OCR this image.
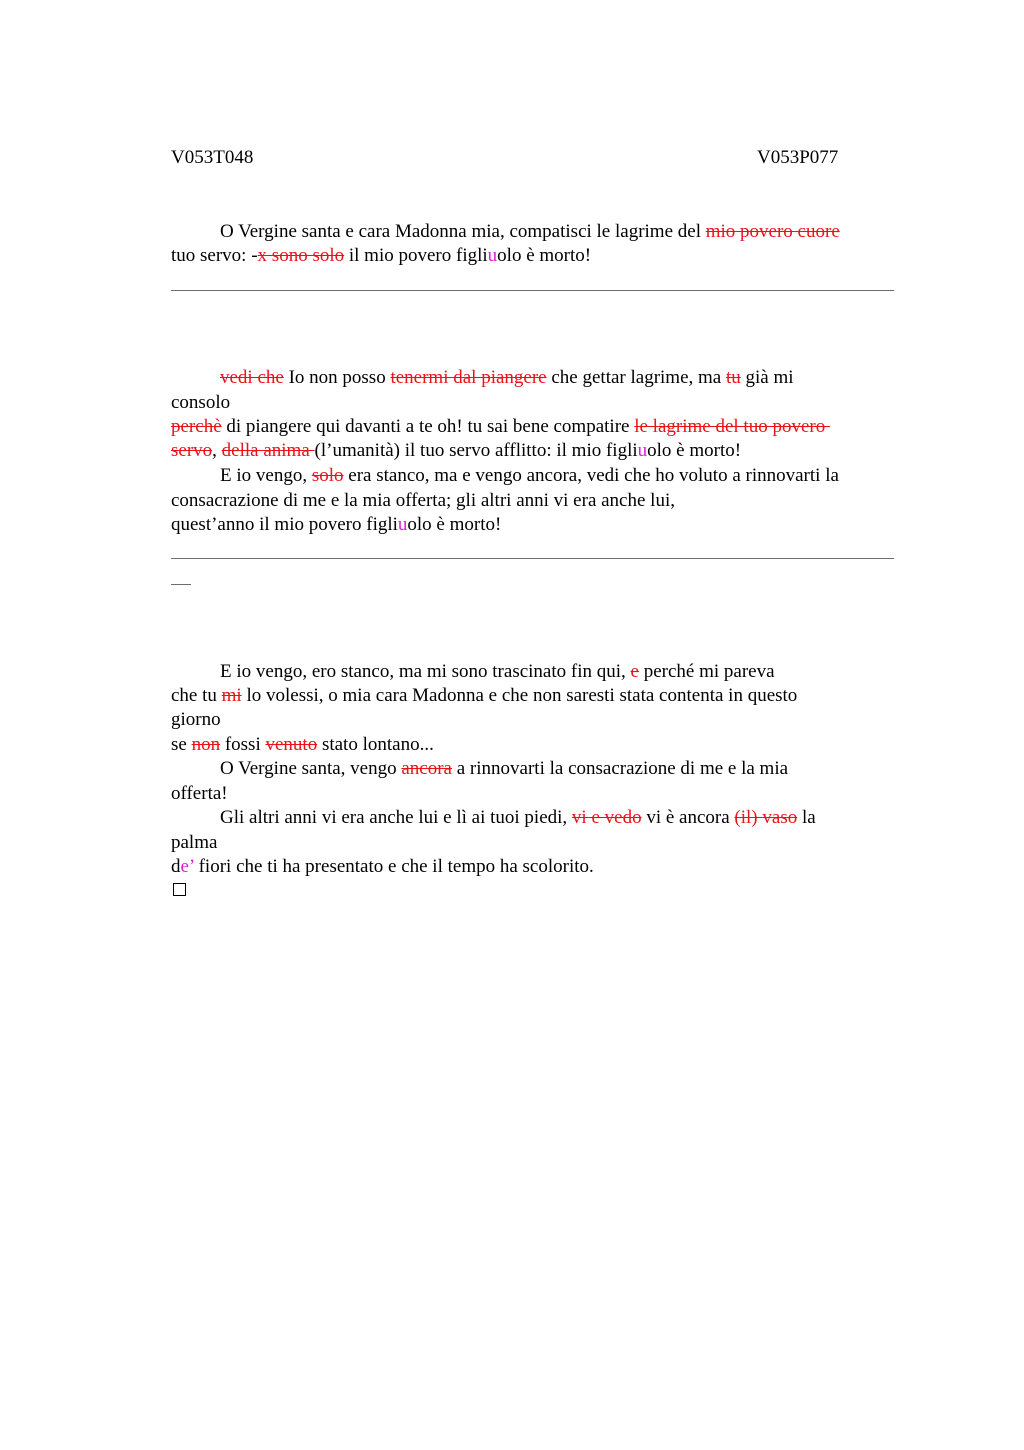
V053T048	V053P077
O Vergine santa e cara Madonna mia, compatisci le lagrime del mio povero cuore
tuo servo: -x sono solo il mio povero figliuolo è morto!
vedi che Io non posso tenermi dal piangere che gettar lagrime, ma tu già mi
consolo
perchè di piangere qui davanti a te oh! tu sai bene compatire le lagrime del tuo povero
servo, della anima (l’umanità) il tuo servo afflitto: il mio figliuolo è morto!
E io vengo, solo era stanco, ma e vengo ancora, vedi che ho voluto a rinnovarti la
consacrazione di me e la mia offerta; gli altri anni vi era anche lui,
quest’anno il mio povero figliuolo è morto!
E io vengo, ero stanco, ma mi sono trascinato fin qui, e perché mi pareva
che tu mi lo volessi, o mia cara Madonna e che non saresti stata contenta in questo
giorno
se non fossi venuto stato lontano...
O Vergine santa, vengo ancora a rinnovarti la consacrazione di me e la mia
offerta!
Gli altri anni vi era anche lui e lì ai tuoi piedi, vi e vedo vi è ancora (il) vaso la
palma
de’ fiori che ti ha presentato e che il tempo ha scolorito.
